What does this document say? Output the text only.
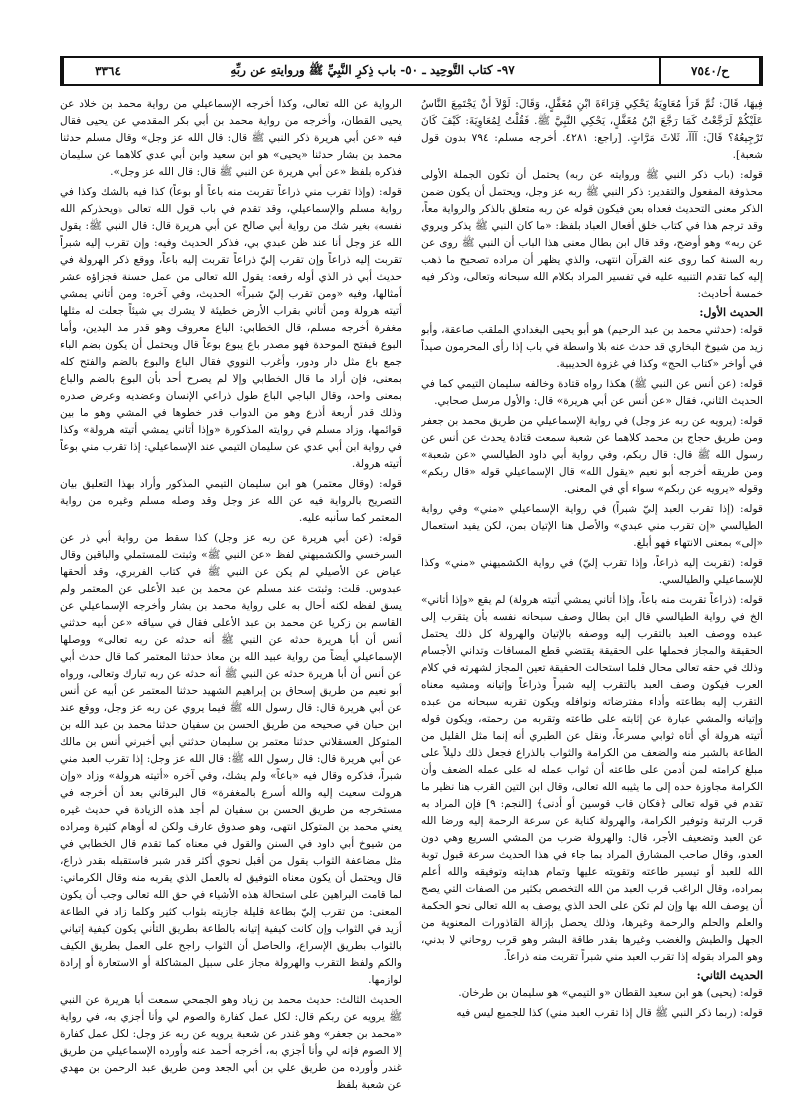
ح/٧٥٤٠
٩٧- كتاب التَّوحِيد ـ ٥٠- باب ذِكرِ النَّبِيِّ ﷺ وروايتهِ عن ربِّهِ
٣٣٦٤

فِيهَا، قَالَ: ثُمَّ قَرَأَ مُعَاوِيَةُ يَحْكِي قِرَاءَةَ ابْنِ مُغَفَّلٍ، وَقَالَ: لَوْلاَ أَنْ يَجْتَمِعَ النَّاسُ عَلَيْكُمْ لَرَجَّعْتُ كَمَا رَجَّعَ ابْنُ مُغَفَّلٍ، يَحْكِي النَّبِيَّ ﷺ. فَقُلْتُ لِمُعَاوِيَةَ: كَيْفَ كَانَ تَرْجِيعُهُ؟ قَالَ: آآآ، ثَلاثَ مَرَّاتٍ. [راجع: ٤٢٨١. أخرجه مسلم: ٧٩٤ بدون قول شعبة].

قوله: (باب ذكر النبي ﷺ وروايته عن ربه) يحتمل أن تكون الجملة الأولى محذوفة المفعول والتقدير: ذكر النبي ﷺ ربه عز وجل، ويحتمل أن يكون ضمن الذكر معنى التحديث فعداه بعن فيكون قوله عن ربه متعلق بالذكر والرواية معاً، وقد ترجم هذا في كتاب خلق أفعال العباد بلفظ: «ما كان النبي ﷺ يذكر ويروي عن ربه» وهو أوضح، وقد قال ابن بطال معنى هذا الباب أن النبي ﷺ روى عن ربه السنة كما روى عنه القرآن انتهى، والذي يظهر أن مراده تصحيح ما ذهب إليه كما تقدم التنبيه عليه في تفسير المراد بكلام الله سبحانه وتعالى، وذكر فيه خمسة أحاديث:

الحديث الأول:

قوله: (حدثني محمد بن عبد الرحيم) هو أبو يحيى البغدادي الملقب صاعقة، وأبو زيد من شيوخ البخاري قد حدث عنه بلا واسطة في باب إذا رأى المحرمون صيداً في أواخر «كتاب الحج» وكذا في غزوة الحديبية.

قوله: (عن أنس عن النبي ﷺ) هكذا رواه قتادة وخالفه سليمان التيمي كما في الحديث الثاني، فقال «عن أنس عن أبي هريرة» قال: والأول مرسل صحابي.

قوله: (يرويه عن ربه عز وجل) في رواية الإسماعيلي من طريق محمد بن جعفر ومن طريق حجاج بن محمد كلاهما عن شعبة سمعت قتادة يحدث عن أنس عن رسول الله ﷺ قال: قال ربكم، وفي رواية أبي داود الطيالسي «عن شعبة» ومن طريقه أخرجه أبو نعيم «يقول الله» قال الإسماعيلي قوله «قال ربكم» وقوله «يرويه عن ربكم» سواء أي في المعنى.

قوله: (إذا تقرب العبد إليّ شبراً) في رواية الإسماعيلي «مني» وفي رواية الطيالسي «إن تقرب مني عبدي» والأصل هنا الإتيان بمن، لكن يفيد استعمال «إلى» بمعنى الانتهاء فهو أبلغ.

قوله: (تقربت إليه ذراعاً، وإذا تقرب إليّ) في رواية الكشميهني «مني» وكذا للإسماعيلي والطيالسي.

قوله: (ذراعاً تقربت منه باعاً، وإذا أتاني يمشي أتيته هرولة) لم يقع «وإذا أتاني» الخ في رواية الطيالسي قال ابن بطال وصف سبحانه نفسه بأن يتقرب إلى عبده ووصف العبد بالتقرب إليه ووصفه بالإتيان والهرولة كل ذلك يحتمل الحقيقة والمجاز فحملها على الحقيقة يقتضي قطع المسافات وتداني الأجسام وذلك في حقه تعالى محال فلما استحالت الحقيقة تعين المجاز لشهرته في كلام العرب فيكون وصف العبد بالتقرب إليه شبراً وذراعاً وإتيانه ومشيه معناه التقرب إليه بطاعته وأداء مفترضاته ونوافله ويكون تقربه سبحانه من عبده وإتيانه والمشي عبارة عن إثابته على طاعته وتقربه من رحمته، ويكون قوله أتيته هرولة أي أتاه ثوابي مسرعاً، ونقل عن الطبري أنه إنما مثل القليل من الطاعة بالشبر منه والضعف من الكرامة والثواب بالذراع فجعل ذلك دليلاً على مبلغ كرامته لمن أدمن على طاعته أن ثواب عمله له على عمله الضعف وأن الكرامة مجاوزة حده إلى ما يثيبه الله تعالى، وقال ابن التين القرب هنا نظير ما تقدم في قوله تعالى ﴿فكان قاب قوسين أو أدنى﴾ [النجم: ٩] فإن المراد به قرب الرتبة وتوفير الكرامة، والهرولة كناية عن سرعة الرحمة إليه ورضا الله عن العبد وتضعيف الأجر، قال: والهرولة ضرب من المشي السريع وهي دون العدو، وقال صاحب المشارق المراد بما جاء في هذا الحديث سرعة قبول توبة الله للعبد أو تيسير طاعته وتقويته عليها وتمام هدايته وتوفيقه والله أعلم بمراده، وقال الراغب قرب العبد من الله التخصص بكثير من الصفات التي يصح أن يوصف الله بها وإن لم تكن على الحد الذي يوصف به الله تعالى نحو الحكمة والعلم والحلم والرحمة وغيرها، وذلك يحصل بإزالة القاذورات المعنوية من الجهل والطيش والغضب وغيرها بقدر طاقة البشر وهو قرب روحاني لا بدني، وهو المراد بقوله إذا تقرب العبد مني شبراً تقربت منه ذراعاً.

الحديث الثاني:

قوله: (يحيى) هو ابن سعيد القطان «و التيمي» هو سليمان بن طرخان.

قوله: (ربما ذكر النبي ﷺ قال إذا تقرب العبد مني) كذا للجميع ليس فيه

الرواية عن الله تعالى، وكذا أخرجه الإسماعيلي من رواية محمد بن خلاد عن يحيى القطان، وأخرجه من رواية محمد بن أبي بكر المقدمي عن يحيى فقال فيه «عن أبي هريرة ذكر النبي ﷺ قال: قال الله عز وجل» وقال مسلم حدثنا محمد بن بشار حدثنا «يحيى» هو ابن سعيد وابن أبي عدي كلاهما عن سليمان فذكره بلفظ «عن أبي هريرة عن النبي ﷺ قال: قال الله عز وجل».

قوله: (وإذا تقرب مني ذراعاً تقربت منه باعاً أو بوعاً) كذا فيه بالشك وكذا في رواية مسلم والإسماعيلي، وقد تقدم في باب قول الله تعالى ﴿ويحذركم الله نفسه﴾ بغير شك من رواية أبي صالح عن أبي هريرة قال: قال النبي ﷺ: يقول الله عز وجل أنا عند ظن عبدي بي، فذكر الحديث وفيه: وإن تقرب إليه شبراً تقربت إليه ذراعاً وإن تقرب إليّ ذراعاً تقربت إليه باعاً، ووقع ذكر الهرولة في حديث أبي ذر الذي أوله رفعه: يقول الله تعالى من عمل حسنة فجزاؤه عشر أمثالها، وفيه «ومن تقرب إليّ شبراً» الحديث، وفي آخره: ومن أتاني يمشي أتيته هرولة ومن أتاني بقراب الأرض خطيئة لا يشرك بي شيئاً جعلت له مثلها مغفرة أخرجه مسلم، قال الخطابي: الباع معروف وهو قدر مد اليدين، وأما البوع فبفتح الموحدة فهو مصدر باع يبوع بوعاً قال ويحتمل أن يكون بضم الباء جمع باع مثل دار ودور، وأغرب النووي فقال الباع والبوع بالضم والفتح كله بمعنى، فإن أراد ما قال الخطابي وإلا لم يصرح أحد بأن البوع بالضم والباع بمعنى واحد، وقال الباجي الباع طول ذراعي الإنسان وعضديه وعرض صدره وذلك قدر أربعة أذرع وهو من الدواب قدر خطوها في المشي وهو ما بين قوائمها، وزاد مسلم في روايته المذكورة «وإذا أتاني يمشي أتيته هرولة» وكذا في رواية ابن أبي عدي عن سليمان التيمي عند الإسماعيلي: إذا تقرب مني بوعاً أتيته هرولة.

قوله: (وقال معتمر) هو ابن سليمان التيمي المذكور وأراد بهذا التعليق بيان التصريح بالرواية فيه عن الله عز وجل وقد وصله مسلم وغيره من رواية المعتمر كما سأنبه عليه.

قوله: (عن أبي هريرة عن ربه عز وجل) كذا سقط من رواية أبي ذر عن السرخسي والكشميهني لفظ «عن النبي ﷺ» وثبتت للمستملي والباقين وقال عياض عن الأصيلي لم يكن عن النبي ﷺ في كتاب الفربري، وقد ألحقها عبدوس. قلت: وثبتت عند مسلم عن محمد بن عبد الأعلى عن المعتمر ولم يسق لفظه لكنه أحال به على رواية محمد بن بشار وأخرجه الإسماعيلي عن القاسم بن زكريا عن محمد بن عبد الأعلى فقال في سياقه «عن أبيه حدثني أنس أن أبا هريرة حدثه عن النبي ﷺ أنه حدثه عن ربه تعالى» ووصلها الإسماعيلي أيضاً من رواية عبيد الله بن معاذ حدثنا المعتمر كما قال حدث أبي عن أنس أن أبا هريرة حدثه عن النبي ﷺ أنه حدثه عن ربه تبارك وتعالى، ورواه أبو نعيم من طريق إسحاق بن إبراهيم الشهيد حدثنا المعتمر عن أبيه عن أنس عن أبي هريرة قال: قال رسول الله ﷺ فيما يروي عن ربه عز وجل، ووقع عند ابن حبان في صحيحه من طريق الحسن بن سفيان حدثنا محمد بن عبد الله بن المتوكل العسقلاني حدثنا معتمر بن سليمان حدثني أبي أخبرني أنس بن مالك عن أبي هريرة قال: قال رسول الله ﷺ: قال الله عز وجل: إذا تقرب العبد مني شبراً، فذكره وقال فيه «باعاً» ولم يشك، وفي آخره «أتيته هرولة» وزاد «وإن هرولت سعيت إليه والله أسرع بالمغفرة» قال البرقاني بعد أن أخرجه في مستخرجه من طريق الحسن بن سفيان لم أجد هذه الزيادة في حديث غيره يعني محمد بن المتوكل انتهى، وهو صدوق عارف ولكن له أوهام كثيرة ومراده من شيوخ أبي داود في السنن والقول في معناه كما تقدم قال الخطابي في مثل مضاعفة الثواب يقول من أقبل نحوي أكثر قدر شبر فاستقبله بقدر ذراع، قال ويحتمل أن يكون معناه التوفيق له بالعمل الذي يقربه منه وقال الكرماني: لما قامت البراهين على استحالة هذه الأشياء في حق الله تعالى وجب أن يكون المعنى: من تقرب إليّ بطاعة قليلة جازيته بثواب كثير وكلما زاد في الطاعة أزيد في الثواب وإن كانت كيفية إتيانه بالطاعة بطريق التأني يكون كيفية إتياني بالثواب بطريق الإسراع، والحاصل أن الثواب راجح على العمل بطريق الكيف والكم ولفظ التقرب والهرولة مجاز على سبيل المشاكلة أو الاستعارة أو إرادة لوازمها.

الحديث الثالث: حديث محمد بن زياد وهو الجمحي سمعت أبا هريرة عن النبي ﷺ يرويه عن ربكم قال: لكل عمل كفارة والصوم لي وأنا أجزي به، في رواية «محمد بن جعفر» وهو غندر عن شعبة يرويه عن ربه عز وجل: لكل عمل كفارة إلا الصوم فإنه لي وأنا أجزي به، أخرجه أحمد عنه وأورده الإسماعيلي من طريق غندر وأورده من طريق علي بن أبي الجعد ومن طريق عبد الرحمن بن مهدي عن شعبة بلفظ
